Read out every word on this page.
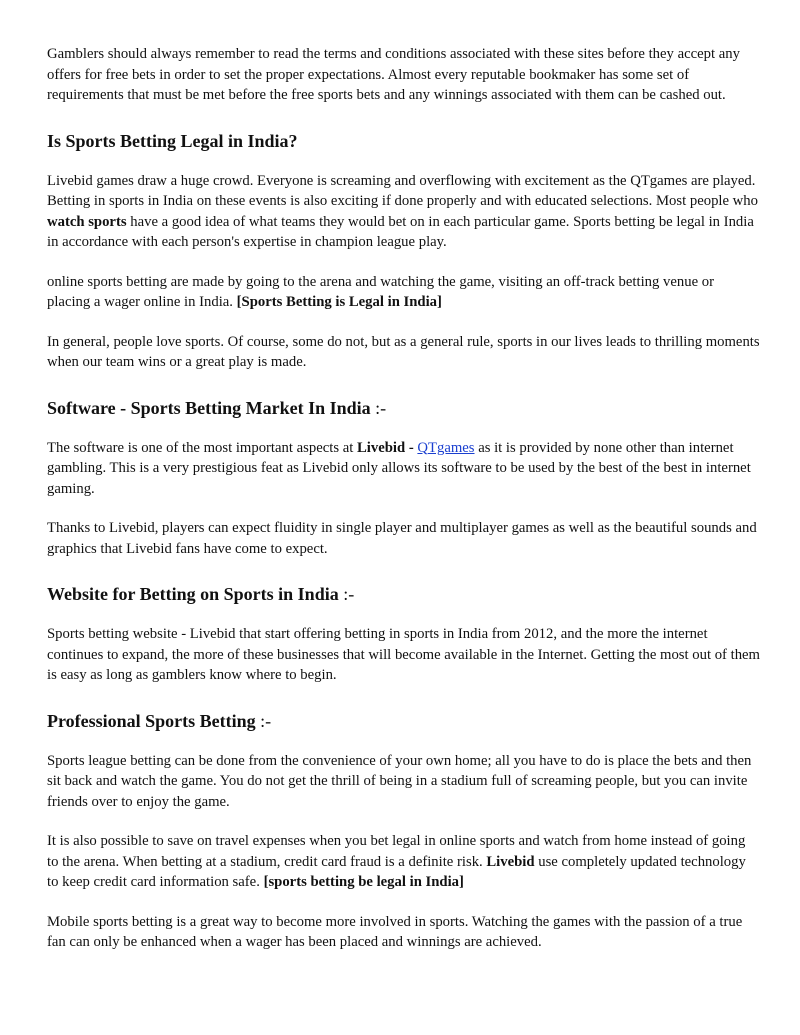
Gamblers should always remember to read the terms and conditions associated with these sites before they accept any offers for free bets in order to set the proper expectations. Almost every reputable bookmaker has some set of requirements that must be met before the free sports bets and any winnings associated with them can be cashed out.

Is Sports Betting Legal in India?

Livebid games draw a huge crowd. Everyone is screaming and overflowing with excitement as the QTgames are played. Betting in sports in India on these events is also exciting if done properly and with educated selections. Most people who watch sports have a good idea of what teams they would bet on in each particular game. Sports betting be legal in India in accordance with each person's expertise in champion league play.

online sports betting are made by going to the arena and watching the game, visiting an off-track betting venue or placing a wager online in India. [Sports Betting is Legal in India]

In general, people love sports. Of course, some do not, but as a general rule, sports in our lives leads to thrilling moments when our team wins or a great play is made.

Software - Sports Betting Market In India :-

The software is one of the most important aspects at Livebid - QTgames as it is provided by none other than internet gambling. This is a very prestigious feat as Livebid only allows its software to be used by the best of the best in internet gaming.

Thanks to Livebid, players can expect fluidity in single player and multiplayer games as well as the beautiful sounds and graphics that Livebid fans have come to expect.

Website for Betting on Sports in India :-

Sports betting website - Livebid that start offering betting in sports in India from 2012, and the more the internet continues to expand, the more of these businesses that will become available in the Internet. Getting the most out of them is easy as long as gamblers know where to begin.

Professional Sports Betting :-

Sports league betting can be done from the convenience of your own home; all you have to do is place the bets and then sit back and watch the game. You do not get the thrill of being in a stadium full of screaming people, but you can invite friends over to enjoy the game.

It is also possible to save on travel expenses when you bet legal in online sports and watch from home instead of going to the arena. When betting at a stadium, credit card fraud is a definite risk. Livebid use completely updated technology to keep credit card information safe. [sports betting be legal in India]

Mobile sports betting is a great way to become more involved in sports. Watching the games with the passion of a true fan can only be enhanced when a wager has been placed and winnings are achieved.
